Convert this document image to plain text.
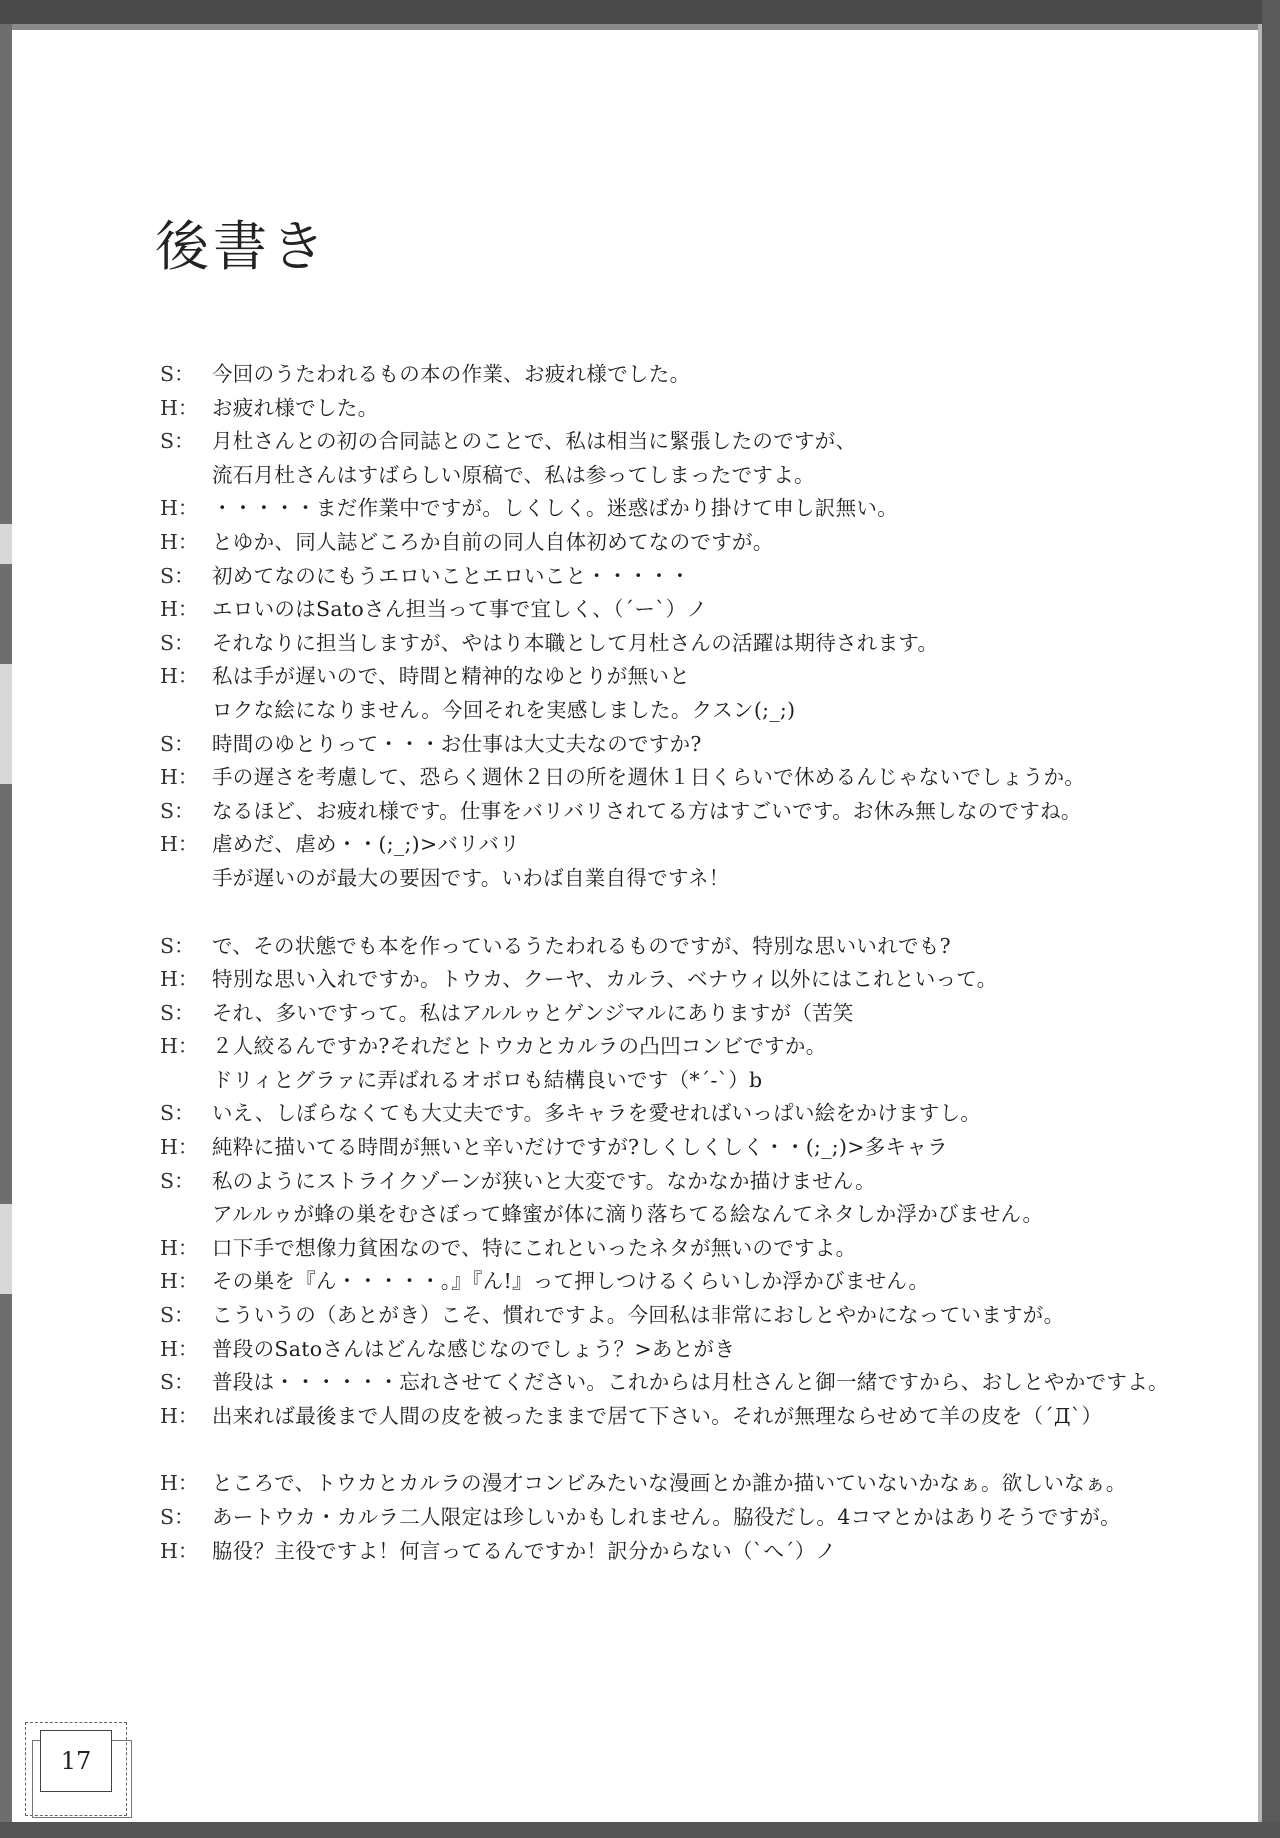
後書き
S： 今回のうたわれるもの本の作業、お疲れ様でした。
H： お疲れ様でした。
S： 月杜さんとの初の合同誌とのことで、私は相当に緊張したのですが、
流石月杜さんはすばらしい原稿で、私は参ってしまったですよ。
H： ・・・・・まだ作業中ですが。しくしく。迷惑ばかり掛けて申し訳無い。
H： とゆか、同人誌どころか自前の同人自体初めてなのですが。
S： 初めてなのにもうエロいことエロいこと・・・・・
H： エロいのはSatoさん担当って事で宜しく、（´ー`）ノ
S： それなりに担当しますが、やはり本職として月杜さんの活躍は期待されます。
H： 私は手が遅いので、時間と精神的なゆとりが無いと
ロクな絵になりません。今回それを実感しました。クスン(;_;)
S： 時間のゆとりって・・・お仕事は大丈夫なのですか?
H： 手の遅さを考慮して、恐らく週休２日の所を週休１日くらいで休めるんじゃないでしょうか。
S： なるほど、お疲れ様です。仕事をバリバリされてる方はすごいです。お休み無しなのですね。
H： 虐めだ、虐め・・(;_;)>バリバリ
手が遅いのが最大の要因です。いわば自業自得ですネ！
S： で、その状態でも本を作っているうたわれるものですが、特別な思いいれでも?
H： 特別な思い入れですか。トウカ、クーヤ、カルラ、ベナウィ以外にはこれといって。
S： それ、多いですって。私はアルルゥとゲンジマルにありますが（苦笑
H： ２人絞るんですか?それだとトウカとカルラの凸凹コンビですか。
ドリィとグラァに弄ばれるオボロも結構良いです（*´-`）b
S： いえ、しぼらなくても大丈夫です。多キャラを愛せればいっぱい絵をかけますし。
H： 純粋に描いてる時間が無いと辛いだけですが?しくしくしく・・(;_;)>多キャラ
S： 私のようにストライクゾーンが狭いと大変です。なかなか描けません。
アルルゥが蜂の巣をむさぼって蜂蜜が体に滴り落ちてる絵なんてネタしか浮かびません。
H： 口下手で想像力貧困なので、特にこれといったネタが無いのですよ。
H： その巣を『ん・・・・・。』『ん!』って押しつけるくらいしか浮かびません。
S： こういうの（あとがき）こそ、慣れですよ。今回私は非常におしとやかになっていますが。
H： 普段のSatoさんはどんな感じなのでしょう？>あとがき
S： 普段は・・・・・・忘れさせてください。これからは月杜さんと御一緒ですから、おしとやかですよ。
H： 出来れば最後まで人間の皮を被ったままで居て下さい。それが無理ならせめて羊の皮を（´Д`）
H： ところで、トウカとカルラの漫才コンビみたいな漫画とか誰か描いていないかなぁ。欲しいなぁ。
S： あートウカ・カルラ二人限定は珍しいかもしれません。脇役だし。4コマとかはありそうですが。
H： 脇役？主役ですよ！何言ってるんですか！訳分からない（`へ´）ノ
17
